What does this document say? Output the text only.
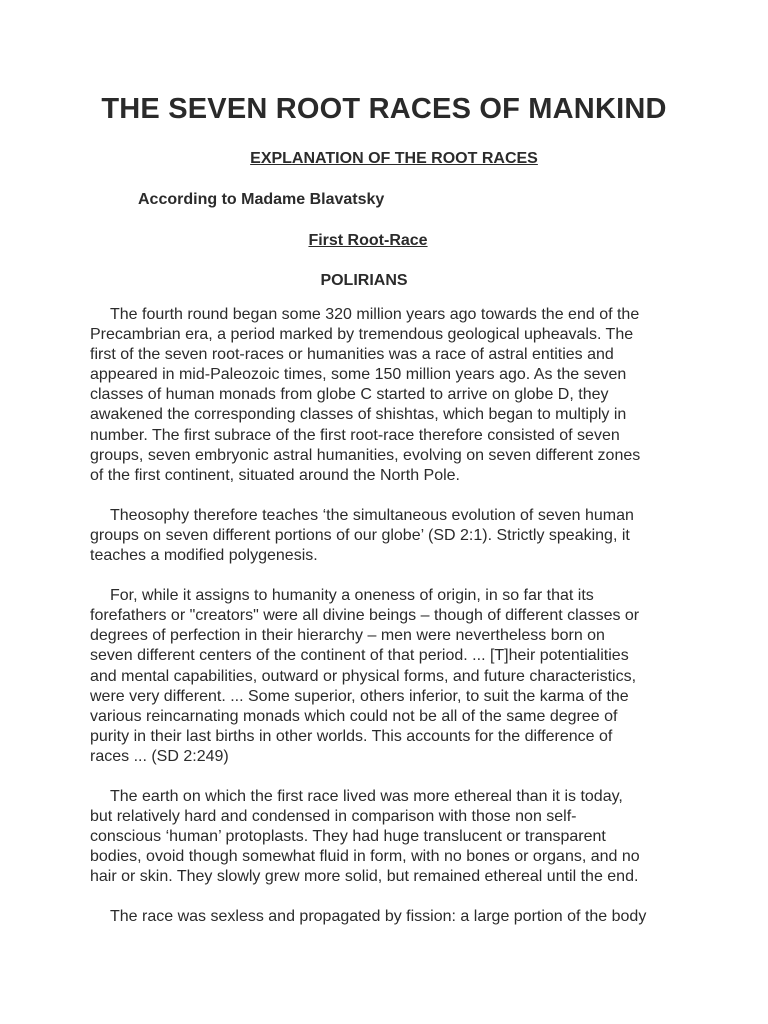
THE SEVEN ROOT RACES OF MANKIND
EXPLANATION OF THE ROOT RACES
According to Madame Blavatsky
First Root-Race
POLIRIANS
The fourth round began some 320 million years ago towards the end of the
Precambrian era, a period marked by tremendous geological upheavals. The
first of the seven root-races or humanities was a race of astral entities and
appeared in mid-Paleozoic times, some 150 million years ago. As the seven
classes of human monads from globe C started to arrive on globe D, they
awakened the corresponding classes of shishtas, which began to multiply in
number. The first subrace of the first root-race therefore consisted of seven
groups, seven embryonic astral humanities, evolving on seven different zones
of the first continent, situated around the North Pole.
Theosophy therefore teaches ‘the simultaneous evolution of seven human
groups on seven different portions of our globe’ (SD 2:1). Strictly speaking, it
teaches a modified polygenesis.
For, while it assigns to humanity a oneness of origin, in so far that its
forefathers or "creators" were all divine beings – though of different classes or
degrees of perfection in their hierarchy – men were nevertheless born on
seven different centers of the continent of that period. ... [T]heir potentialities
and mental capabilities, outward or physical forms, and future characteristics,
were very different. ... Some superior, others inferior, to suit the karma of the
various reincarnating monads which could not be all of the same degree of
purity in their last births in other worlds. This accounts for the difference of
races ... (SD 2:249)
The earth on which the first race lived was more ethereal than it is today,
but relatively hard and condensed in comparison with those non self-
conscious ‘human’ protoplasts. They had huge translucent or transparent
bodies, ovoid though somewhat fluid in form, with no bones or organs, and no
hair or skin. They slowly grew more solid, but remained ethereal until the end.
The race was sexless and propagated by fission: a large portion of the body
